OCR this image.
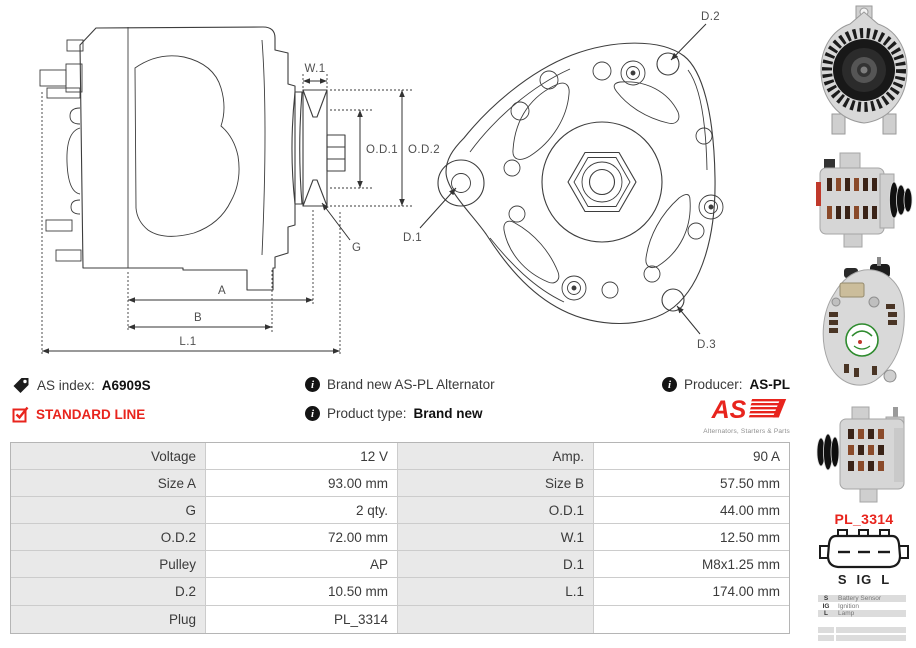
W.1
O.D.1 O.D.2
G
A
B
L.1
D.2
D.3
D.1
AS index: A6909S
STANDARD LINE
i Brand new AS-PL Alternator
i Product type: Brand new
i Producer: AS-PL
AS
Alternators, Starters & Parts
Voltage	12 V	Amp.	90 A
Size A	93.00 mm	Size B	57.50 mm
G	2 qty.	O.D.1	44.00 mm
O.D.2	72.00 mm	W.1	12.50 mm
Pulley	AP	D.1	M8x1.25 mm
D.2	10.50 mm	L.1	174.00 mm
Plug	PL_3314
PL_3314
S IG L
S	Battery Sensor
IG	Ignition
L	Lamp
